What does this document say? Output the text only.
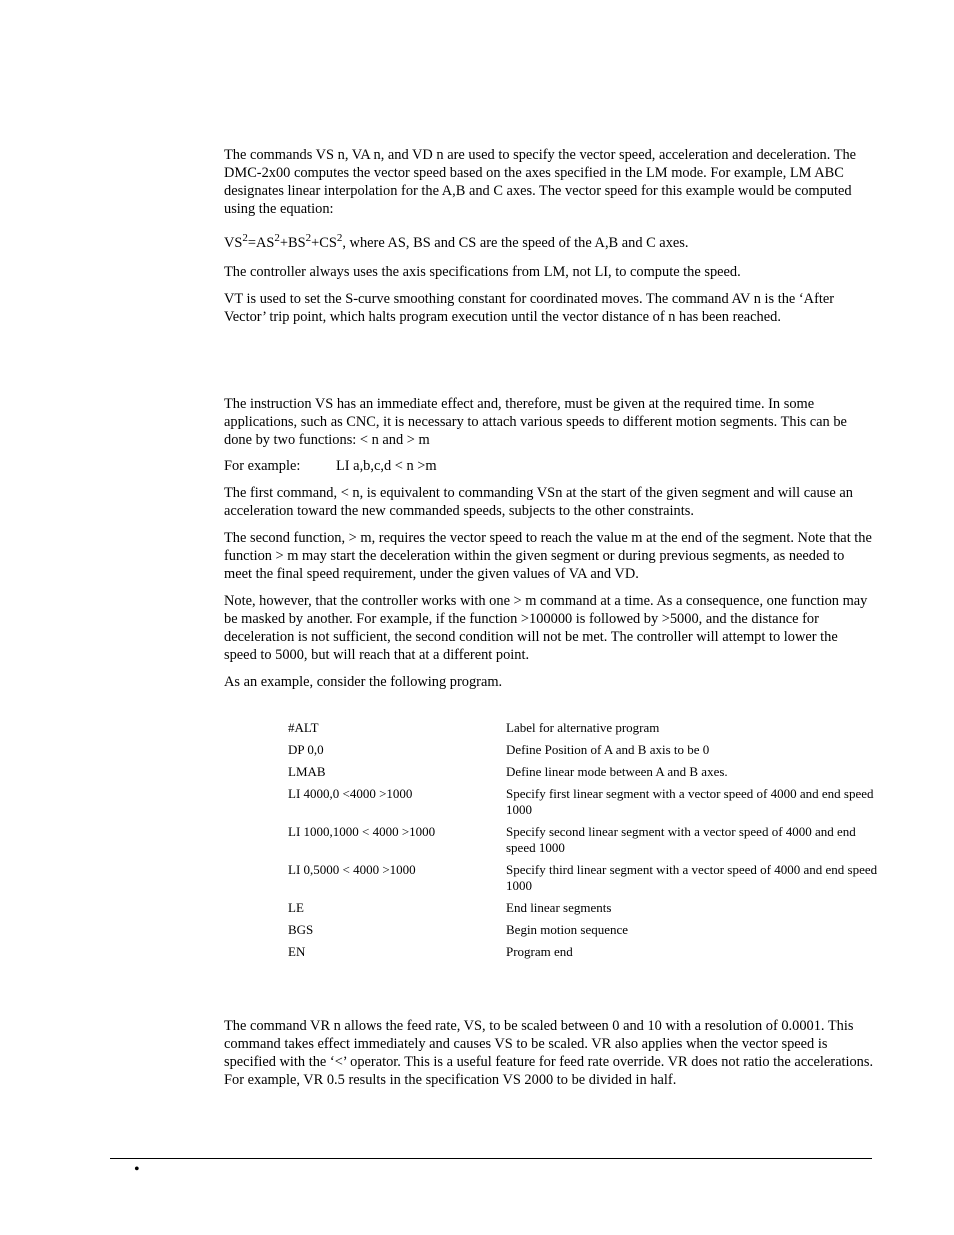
The commands VS n, VA n, and VD n are used to specify the vector speed, acceleration and deceleration. The DMC-2x00 computes the vector speed based on the axes specified in the LM mode. For example, LM ABC designates linear interpolation for the A,B and C axes. The vector speed for this example would be computed using the equation:

$VS^2=AS^2+BS^2+CS^2$, where AS, BS and CS are the speed of the A,B and C axes.

The controller always uses the axis specifications from LM, not LI, to compute the speed.

VT is used to set the S-curve smoothing constant for coordinated moves. The command AV n is the ‘After Vector’ trip point, which halts program execution until the vector distance of n has been reached.

The instruction VS has an immediate effect and, therefore, must be given at the required time. In some applications, such as CNC, it is necessary to attach various speeds to different motion segments. This can be done by two functions: < n and > m

For example: LI a,b,c,d < n >m

The first command, < n, is equivalent to commanding VSn at the start of the given segment and will cause an acceleration toward the new commanded speeds, subjects to the other constraints.

The second function, > m, requires the vector speed to reach the value m at the end of the segment. Note that the function > m may start the deceleration within the given segment or during previous segments, as needed to meet the final speed requirement, under the given values of VA and VD.

Note, however, that the controller works with one > m command at a time. As a consequence, one function may be masked by another. For example, if the function >100000 is followed by >5000, and the distance for deceleration is not sufficient, the second condition will not be met. The controller will attempt to lower the speed to 5000, but will reach that at a different point.

As an example, consider the following program.

#ALT	Label for alternative program
DP 0,0	Define Position of A and B axis to be 0
LMAB	Define linear mode between A and B axes.
LI 4000,0 <4000 >1000	Specify first linear segment with a vector speed of 4000 and end speed 1000
LI 1000,1000 < 4000 >1000	Specify second linear segment with a vector speed of 4000 and end speed 1000
LI 0,5000 < 4000 >1000	Specify third linear segment with a vector speed of 4000 and end speed 1000
LE	End linear segments
BGS	Begin motion sequence
EN	Program end

The command VR n allows the feed rate, VS, to be scaled between 0 and 10 with a resolution of 0.0001. This command takes effect immediately and causes VS to be scaled. VR also applies when the vector speed is specified with the ‘<’ operator. This is a useful feature for feed rate override. VR does not ratio the accelerations. For example, VR 0.5 results in the specification VS 2000 to be divided in half.

•
